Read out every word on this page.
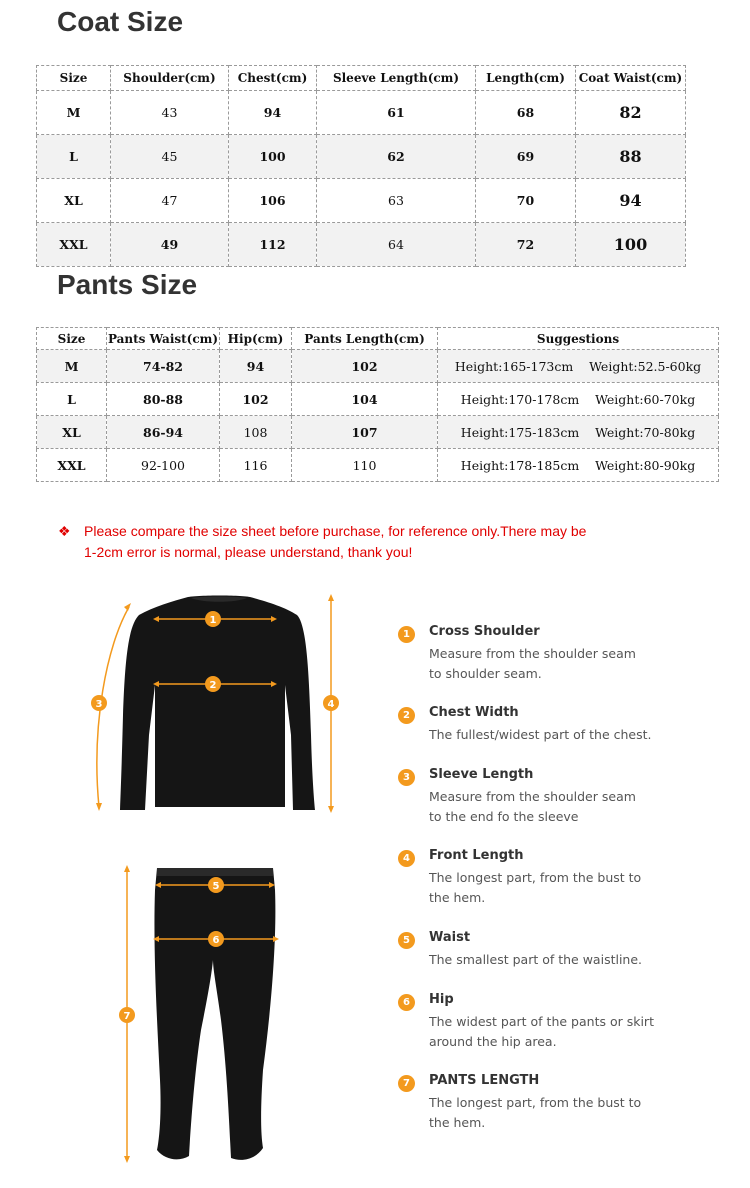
Coat Size
Size	Shoulder(cm)	Chest(cm)	Sleeve Length(cm)	Length(cm)	Coat Waist(cm)
M	43	94	61	68	82
L	45	100	62	69	88
XL	47	106	63	70	94
XXL	49	112	64	72	100
Pants Size
Size	Pants Waist(cm)	Hip(cm)	Pants Length(cm)	Suggestions
M	74-82	94	102	Height:165-173cm    Weight:52.5-60kg
L	80-88	102	104	Height:170-178cm    Weight:60-70kg
XL	86-94	108	107	Height:175-183cm    Weight:70-80kg
XXL	92-100	116	110	Height:178-185cm    Weight:80-90kg
❖ Please compare the size sheet before purchase, for reference only.There may be
1-2cm error is normal, please understand, thank you!
1
2
3	4
5
6
7
1	Cross Shoulder
Measure from the shoulder seam to shoulder seam.
2	Chest Width
The fullest/widest part of the chest.
3	Sleeve Length
Measure from the shoulder seam to the end fo the sleeve
4	Front Length
The longest part, from the bust to the hem.
5	Waist
The smallest part of the waistline.
6	Hip
The widest part of the pants or skirt around the hip area.
7	PANTS LENGTH
The longest part, from the bust to the hem.
